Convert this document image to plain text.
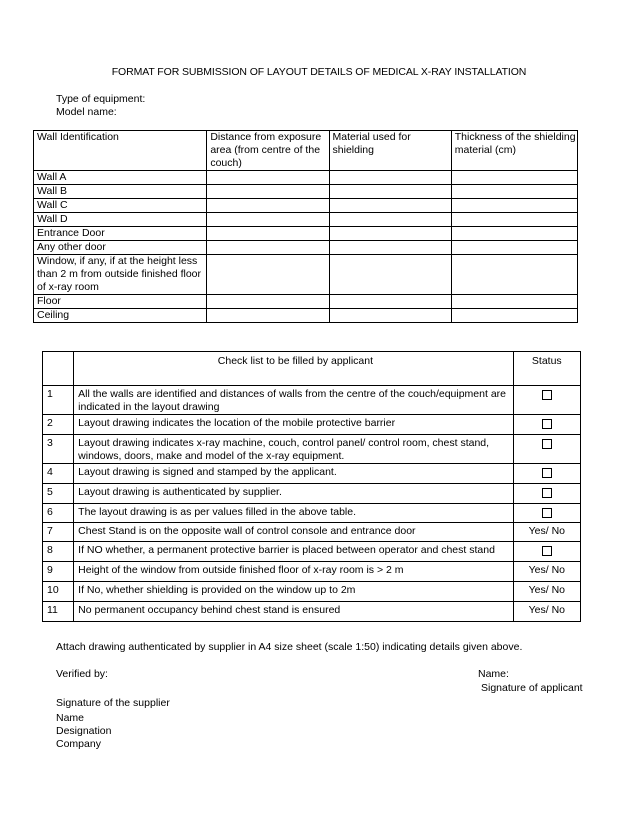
FORMAT FOR SUBMISSION OF LAYOUT DETAILS OF MEDICAL X-RAY INSTALLATION
Type of equipment:
Model name:
Wall Identification	Distance from exposure area (from centre of the couch)	Material used for shielding	Thickness of the shielding material (cm)
Wall A			
Wall B			
Wall C			
Wall D			
Entrance Door			
Any other door			
Window, if any, if at the height less than 2 m from outside finished floor of x-ray room			
Floor			
Ceiling			
	Check list to be filled by applicant	Status
1	All the walls are identified and distances of walls from the centre of the couch/equipment are indicated in the layout drawing	
2	Layout drawing indicates the location of the mobile protective barrier	
3	Layout drawing indicates x-ray machine, couch, control panel/ control room, chest stand, windows, doors, make and model of the x-ray equipment.	
4	Layout drawing is signed and stamped by the applicant.	
5	Layout drawing is authenticated by supplier.	
6	The layout drawing is as per values filled in the above table.	
7	Chest Stand is on the opposite wall of control console and entrance door	Yes/ No
8	If NO whether, a permanent protective barrier is placed between operator and chest stand	
9	Height of the window from outside finished floor of x-ray room is > 2 m	Yes/ No
10	If No, whether shielding is provided on the window up to 2m	Yes/ No
11	No permanent occupancy behind chest stand is ensured	Yes/ No
Attach drawing authenticated by supplier in A4 size sheet (scale 1:50) indicating details given above.
Verified by:	Name:
Signature of applicant
Signature of the supplier
Name
Designation
Company
